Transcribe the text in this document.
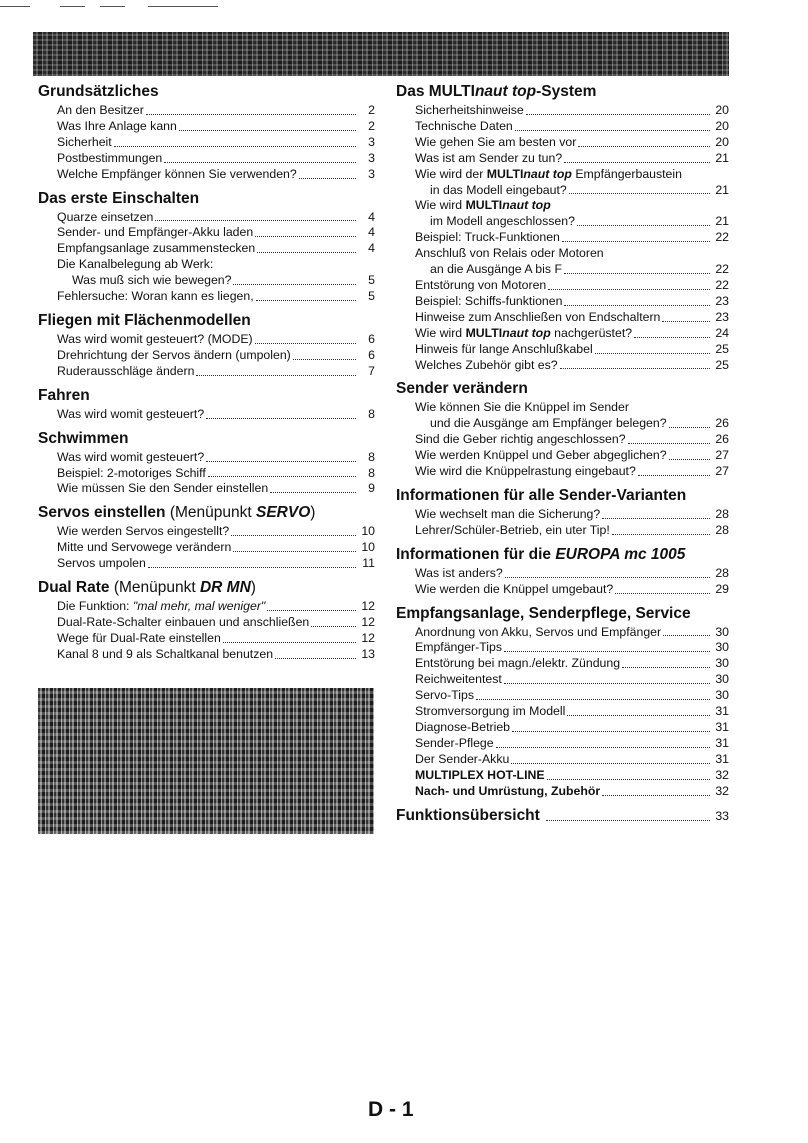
Grundsätzliches
An den Besitzer	2
Was Ihre Anlage kann	2
Sicherheit	3
Postbestimmungen	3
Welche Empfänger können Sie verwenden?	3
Das erste Einschalten
Quarze einsetzen	4
Sender- und Empfänger-Akku laden	4
Empfangsanlage zusammenstecken	4
Die Kanalbelegung ab Werk:
Was muß sich wie bewegen?	5
Fehlersuche: Woran kann es liegen,	5
Fliegen mit Flächenmodellen
Was wird womit gesteuert? (MODE)	6
Drehrichtung der Servos ändern (umpolen)	6
Ruderausschläge ändern	7
Fahren
Was wird womit gesteuert?	8
Schwimmen
Was wird womit gesteuert?	8
Beispiel: 2-motoriges Schiff	8
Wie müssen Sie den Sender einstellen	9
Servos einstellen (Menüpunkt SERVO)
Wie werden Servos eingestellt?	10
Mitte und Servowege verändern	10
Servos umpolen	11
Dual Rate (Menüpunkt DR MN)
Die Funktion: "mal mehr, mal weniger"	12
Dual-Rate-Schalter einbauen und anschließen	12
Wege für Dual-Rate einstellen	12
Kanal 8 und 9 als Schaltkanal benutzen	13
Das MULTInaut top-System
Sicherheitshinweise	20
Technische Daten	20
Wie gehen Sie am besten vor	20
Was ist am Sender zu tun?	21
Wie wird der MULTInaut top Empfängerbaustein
in das Modell eingebaut?	21
Wie wird MULTInaut top
im Modell angeschlossen?	21
Beispiel: Truck-Funktionen	22
Anschluß von Relais oder Motoren
an die Ausgänge A bis F	22
Entstörung von Motoren	22
Beispiel: Schiffs-funktionen	23
Hinweise zum Anschließen von Endschaltern	23
Wie wird MULTInaut top nachgerüstet?	24
Hinweis für lange Anschlußkabel	25
Welches Zubehör gibt es?	25
Sender verändern
Wie können Sie die Knüppel im Sender
und die Ausgänge am Empfänger belegen?	26
Sind die Geber richtig angeschlossen?	26
Wie werden Knüppel und Geber abgeglichen?	27
Wie wird die Knüppelrastung eingebaut?	27
Informationen für alle Sender-Varianten
Wie wechselt man die Sicherung?	28
Lehrer/Schüler-Betrieb, ein uter Tip!	28
Informationen für die EUROPA mc 1005
Was ist anders?	28
Wie werden die Knüppel umgebaut?	29
Empfangsanlage, Senderpflege, Service
Anordnung von Akku, Servos und Empfänger	30
Empfänger-Tips	30
Entstörung bei magn./elektr. Zündung	30
Reichweitentest	30
Servo-Tips	30
Stromversorgung im Modell	31
Diagnose-Betrieb	31
Sender-Pflege	31
Der Sender-Akku	31
MULTIPLEX HOT-LINE	32
Nach- und Umrüstung, Zubehör	32
Funktionsübersicht	33
D - 1
